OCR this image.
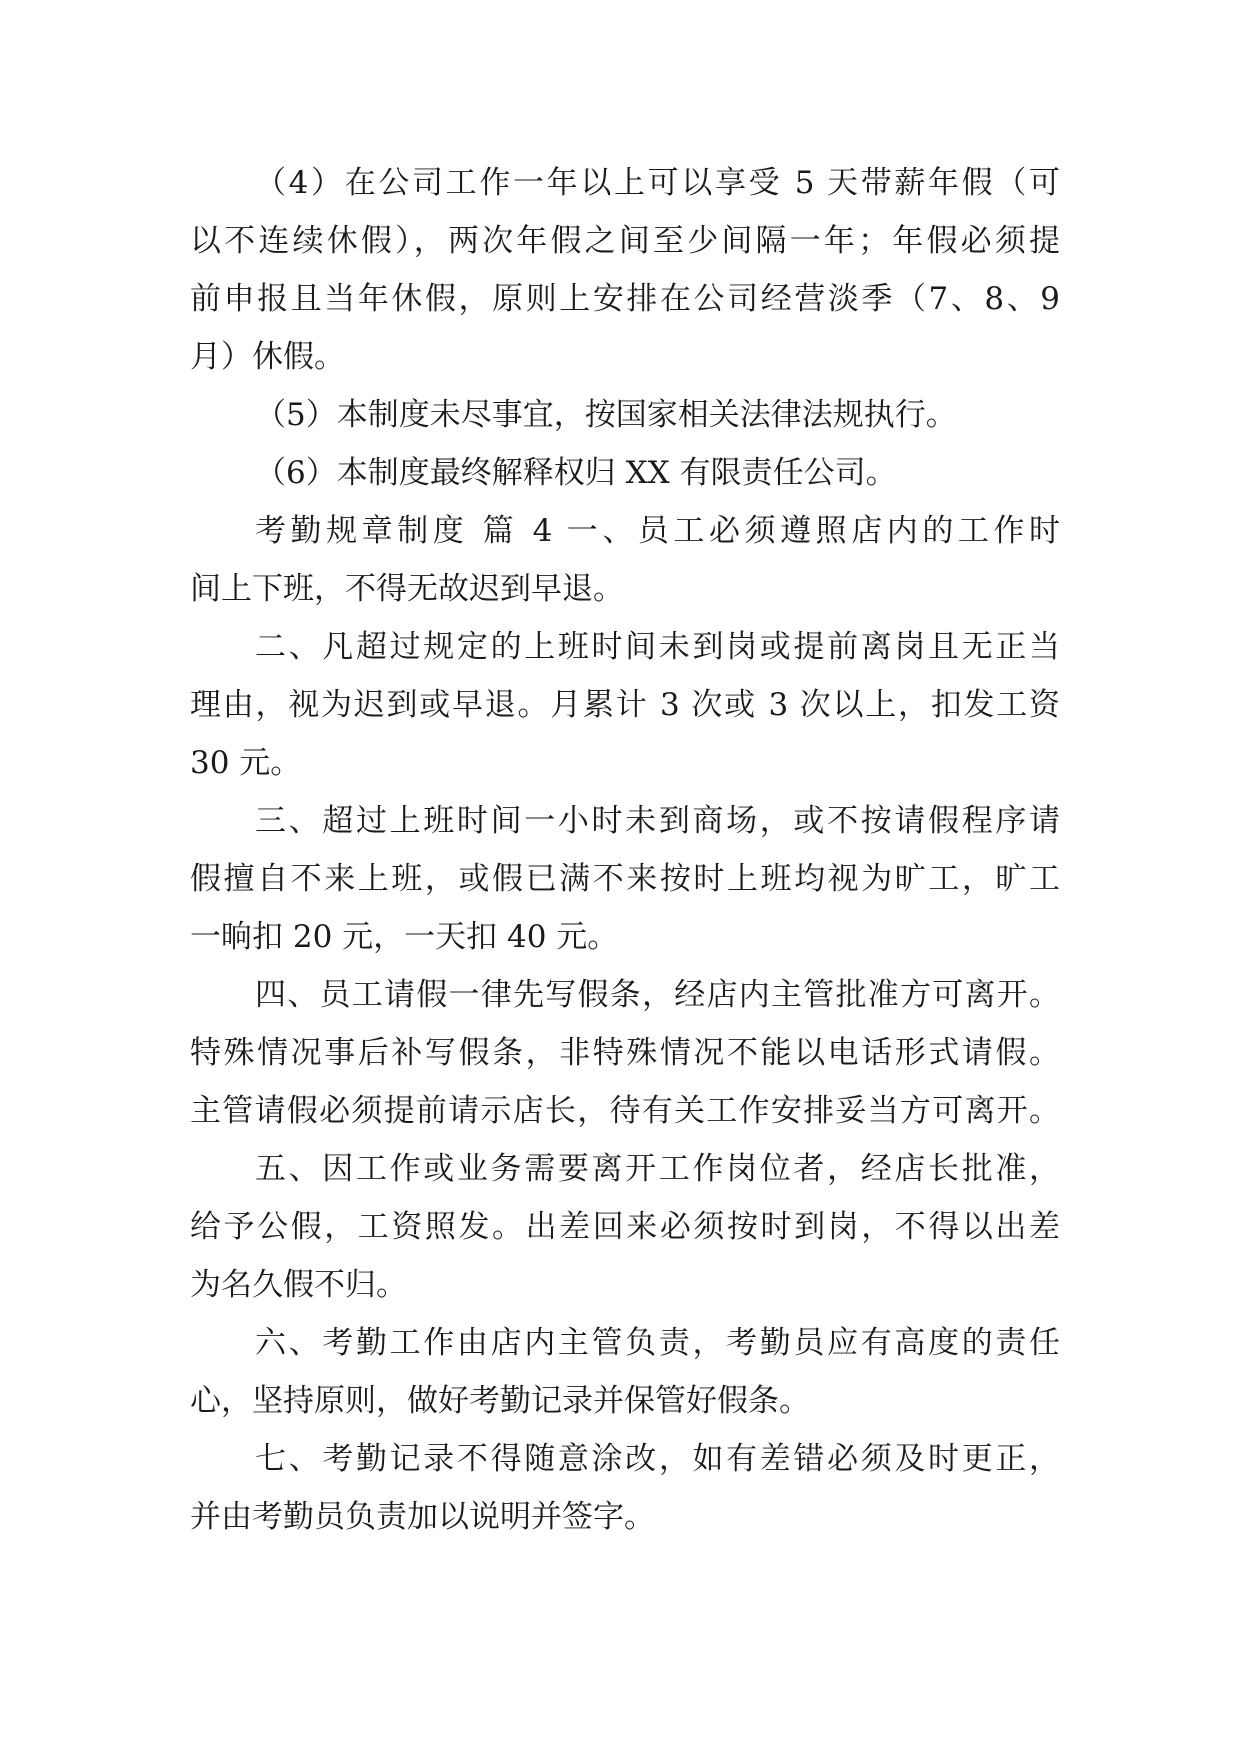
（4）在公司工作一年以上可以享受 5 天带薪年假（可
以不连续休假），两次年假之间至少间隔一年；年假必须提
前申报且当年休假，原则上安排在公司经营淡季（7、8、9
月）休假。
（5）本制度未尽事宜，按国家相关法律法规执行。
（6）本制度最终解释权归 XX 有限责任公司。
考勤规章制度 篇 4 一、员工必须遵照店内的工作时
间上下班，不得无故迟到早退。
二、凡超过规定的上班时间未到岗或提前离岗且无正当
理由，视为迟到或早退。月累计 3 次或 3 次以上，扣发工资
30 元。
三、超过上班时间一小时未到商场，或不按请假程序请
假擅自不来上班，或假已满不来按时上班均视为旷工，旷工
一晌扣 20 元，一天扣 40 元。
四、员工请假一律先写假条，经店内主管批准方可离开。
特殊情况事后补写假条，非特殊情况不能以电话形式请假。
主管请假必须提前请示店长，待有关工作安排妥当方可离开。
五、因工作或业务需要离开工作岗位者，经店长批准，
给予公假，工资照发。出差回来必须按时到岗，不得以出差
为名久假不归。
六、考勤工作由店内主管负责，考勤员应有高度的责任
心，坚持原则，做好考勤记录并保管好假条。
七、考勤记录不得随意涂改，如有差错必须及时更正，
并由考勤员负责加以说明并签字。
